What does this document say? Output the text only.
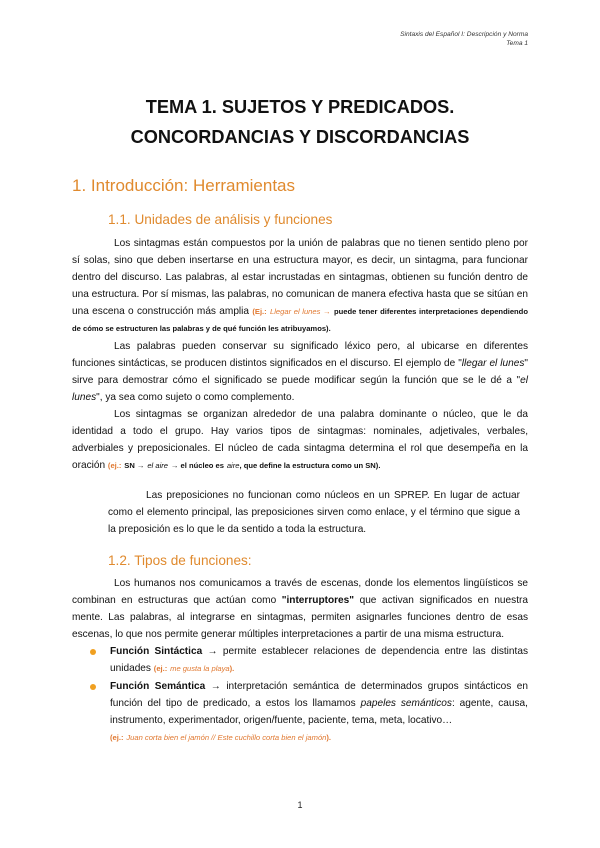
Sintaxis del Español I: Descripción y Norma
Tema 1
TEMA 1. SUJETOS Y PREDICADOS.
CONCORDANCIAS Y DISCORDANCIAS
1. Introducción: Herramientas
1.1. Unidades de análisis y funciones

Los sintagmas están compuestos por la unión de palabras que no tienen sentido pleno por sí solas, sino que deben insertarse en una estructura mayor, es decir, un sintagma, para funcionar dentro del discurso. Las palabras, al estar incrustadas en sintagmas, obtienen su función dentro de una estructura. Por sí mismas, las palabras, no comunican de manera efectiva hasta que se sitúan en una escena o construcción más amplia (Ej.: Llegar el lunes → puede tener diferentes interpretaciones dependiendo de cómo se estructuren las palabras y de qué función les atribuyamos).

Las palabras pueden conservar su significado léxico pero, al ubicarse en diferentes funciones sintácticas, se producen distintos significados en el discurso. El ejemplo de "llegar el lunes" sirve para demostrar cómo el significado se puede modificar según la función que se le dé a "el lunes", ya sea como sujeto o como complemento.

Los sintagmas se organizan alrededor de una palabra dominante o núcleo, que le da identidad a todo el grupo. Hay varios tipos de sintagmas: nominales, adjetivales, verbales, adverbiales y preposicionales. El núcleo de cada sintagma determina el rol que desempeña en la oración (ej.: SN → el aire → el núcleo es aire, que define la estructura como un SN).

Las preposiciones no funcionan como núcleos en un SPREP. En lugar de actuar como el elemento principal, las preposiciones sirven como enlace, y el término que sigue a la preposición es lo que le da sentido a toda la estructura.

1.2. Tipos de funciones:

Los humanos nos comunicamos a través de escenas, donde los elementos lingüísticos se combinan en estructuras que actúan como "interruptores" que activan significados en nuestra mente. Las palabras, al integrarse en sintagmas, permiten asignarles funciones dentro de esas escenas, lo que nos permite generar múltiples interpretaciones a partir de una misma estructura.

Función Sintáctica → permite establecer relaciones de dependencia entre las distintas unidades (ej.: me gusta la playa).
Función Semántica → interpretación semántica de determinados grupos sintácticos en función del tipo de predicado, a estos los llamamos papeles semánticos: agente, causa, instrumento, experimentador, origen/fuente, paciente, tema, meta, locativo…
(ej.: Juan corta bien el jamón // Este cuchillo corta bien el jamón).
1
